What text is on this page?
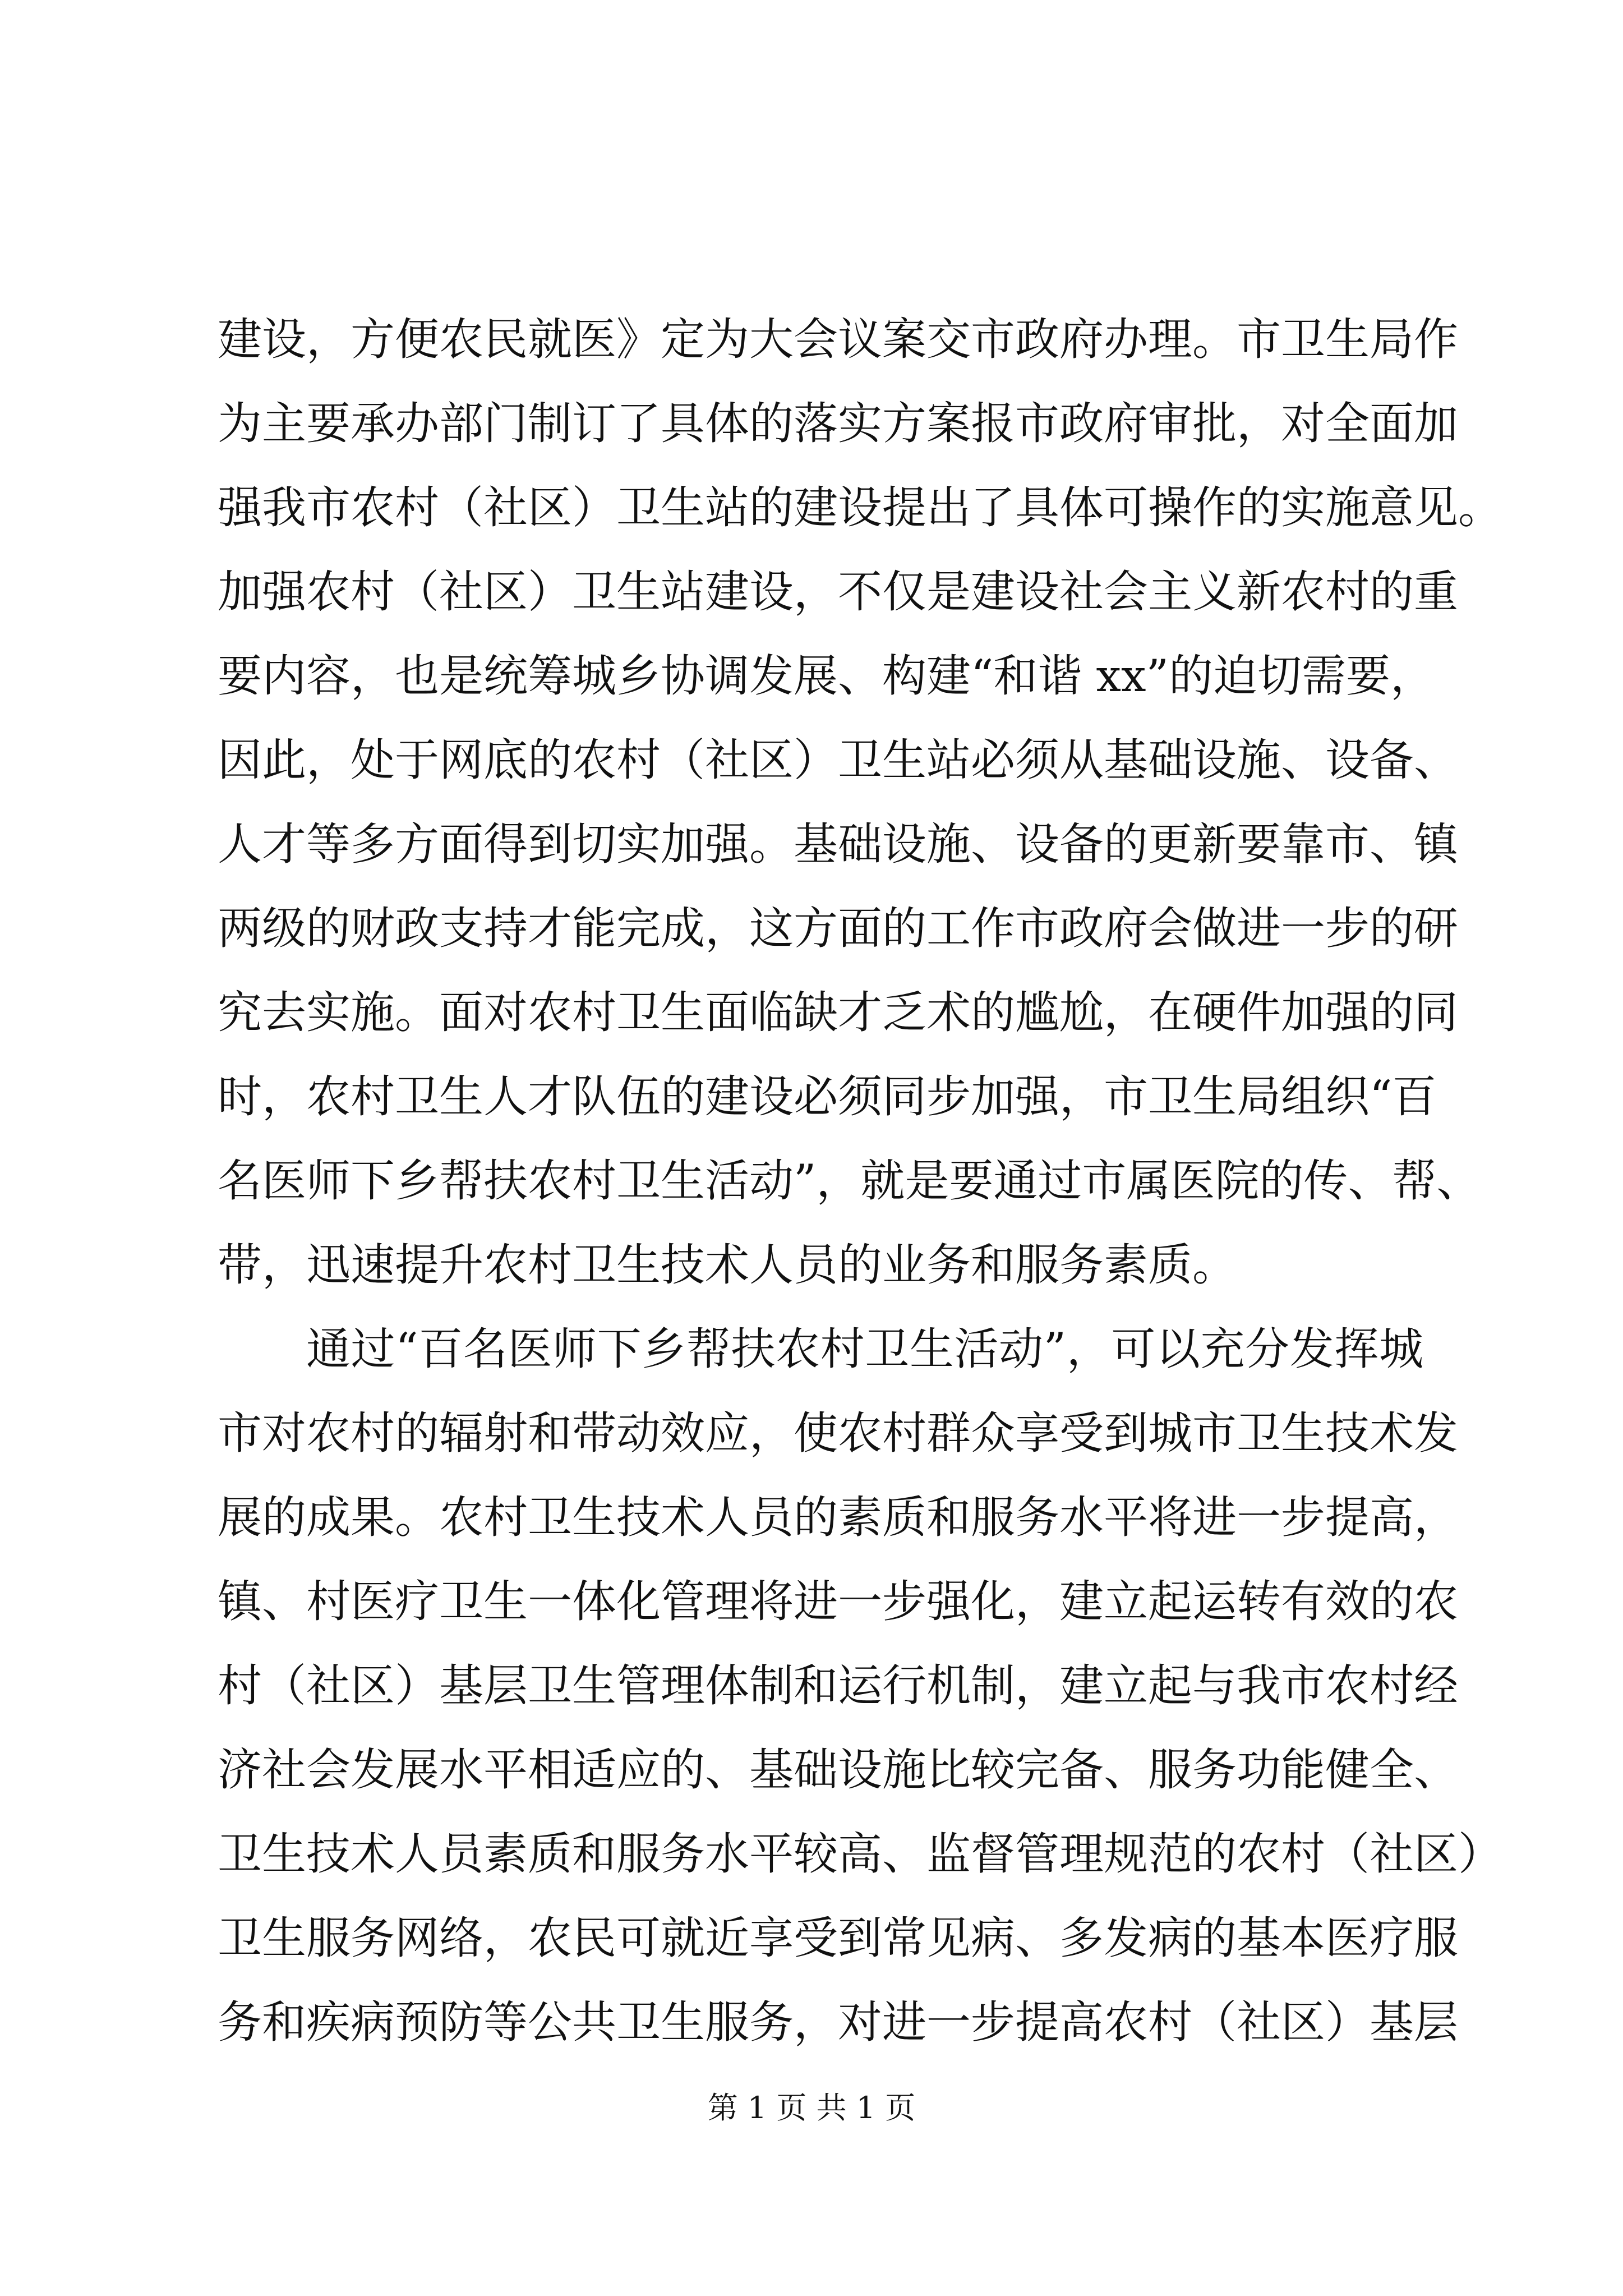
建设，方便农民就医》定为大会议案交市政府办理。市卫生局作
为主要承办部门制订了具体的落实方案报市政府审批，对全面加
强我市农村（社区）卫生站的建设提出了具体可操作的实施意见。
加强农村（社区）卫生站建设，不仅是建设社会主义新农村的重
要内容，也是统筹城乡协调发展、构建“和谐 xx”的迫切需要，
因此，处于网底的农村（社区）卫生站必须从基础设施、设备、
人才等多方面得到切实加强。基础设施、设备的更新要靠市、镇
两级的财政支持才能完成，这方面的工作市政府会做进一步的研
究去实施。面对农村卫生面临缺才乏术的尴尬，在硬件加强的同
时，农村卫生人才队伍的建设必须同步加强，市卫生局组织“百
名医师下乡帮扶农村卫生活动”，就是要通过市属医院的传、帮、
带，迅速提升农村卫生技术人员的业务和服务素质。
通过“百名医师下乡帮扶农村卫生活动”，可以充分发挥城
市对农村的辐射和带动效应，使农村群众享受到城市卫生技术发
展的成果。农村卫生技术人员的素质和服务水平将进一步提高，
镇、村医疗卫生一体化管理将进一步强化，建立起运转有效的农
村（社区）基层卫生管理体制和运行机制，建立起与我市农村经
济社会发展水平相适应的、基础设施比较完备、服务功能健全、
卫生技术人员素质和服务水平较高、监督管理规范的农村（社区）
卫生服务网络，农民可就近享受到常见病、多发病的基本医疗服
务和疾病预防等公共卫生服务，对进一步提高农村（社区）基层
第 1 页 共 1 页
